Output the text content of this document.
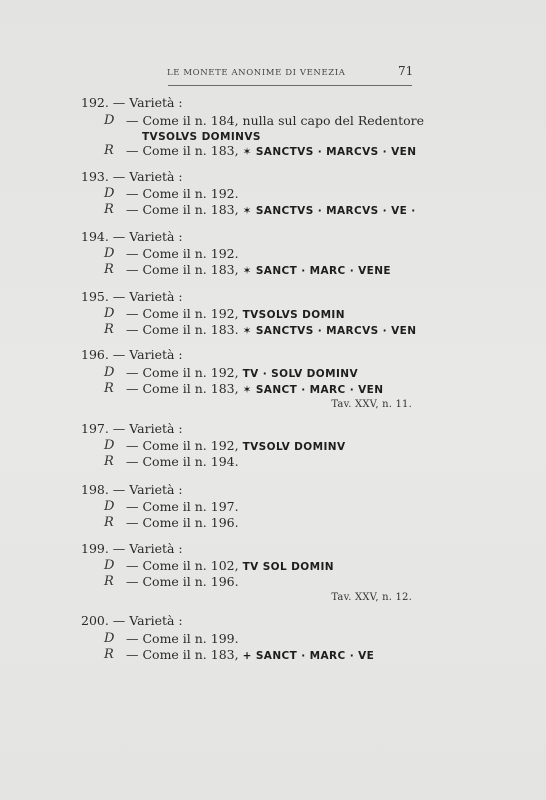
LE MONETE ANONIME DI VENEZIA	71
192. — Varietà :
D — Come il n. 184, nulla sul capo del Redentore
TVSOLVS DOMINVS
R — Come il n. 183, ✶ SANCTVS · MARCVS · VEN
193. — Varietà :
D — Come il n. 192.
R — Come il n. 183, ✶ SANCTVS · MARCVS · VE ·
194. — Varietà :
D — Come il n. 192.
R — Come il n. 183, ✶ SANCT · MARC · VENE
195. — Varietà :
D — Come il n. 192, TVSOLVS DOMIN
R — Come il n. 183. ✶ SANCTVS · MARCVS · VEN
196. — Varietà :
D — Come il n. 192, TV · SOLV DOMINV
R — Come il n. 183, ✶ SANCT · MARC · VEN
Tav. XXV, n. 11.
197. — Varietà :
D — Come il n. 192, TVSOLV DOMINV
R — Come il n. 194.
198. — Varietà :
D — Come il n. 197.
R — Come il n. 196.
199. — Varietà :
D — Come il n. 102, TV SOL DOMIN
R — Come il n. 196.
Tav. XXV, n. 12.
200. — Varietà :
D — Come il n. 199.
R — Come il n. 183, + SANCT · MARC · VE
